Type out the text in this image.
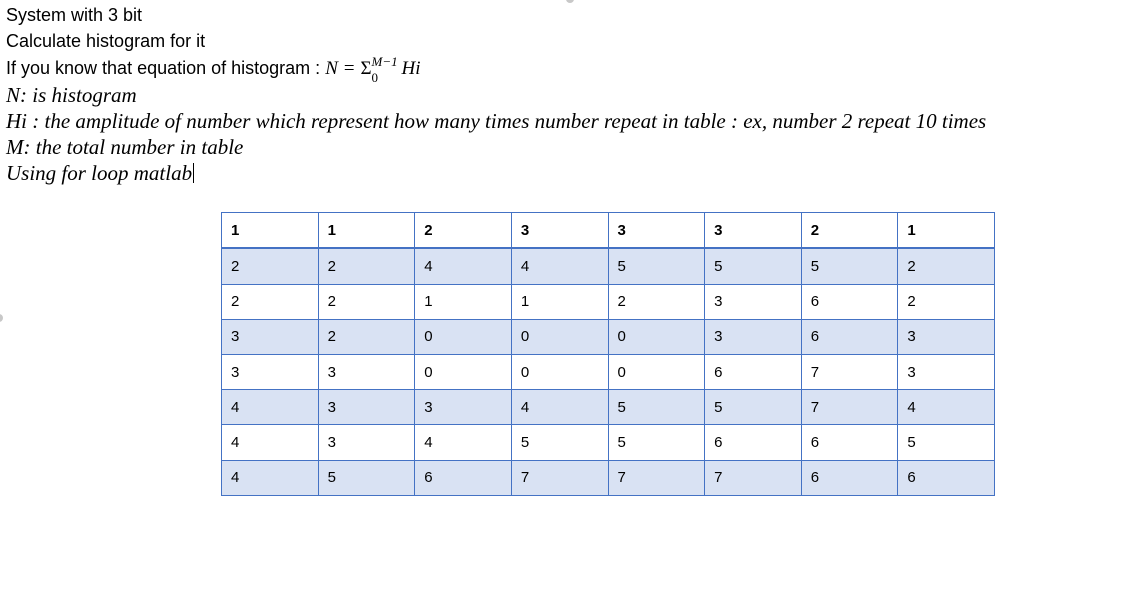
System with 3 bit
Calculate histogram for it
If you know that equation of histogram : N = Σ M−1
0 Hi
N: is histogram
Hi : the amplitude of number which represent how many times number repeat in table : ex, number 2 repeat 10 times
M: the total number in table
Using for loop matlab
1	1	2	3	3	3	2	1
2	2	4	4	5	5	5	2
2	2	1	1	2	3	6	2
3	2	0	0	0	3	6	3
3	3	0	0	0	6	7	3
4	3	3	4	5	5	7	4
4	3	4	5	5	6	6	5
4	5	6	7	7	7	6	6
